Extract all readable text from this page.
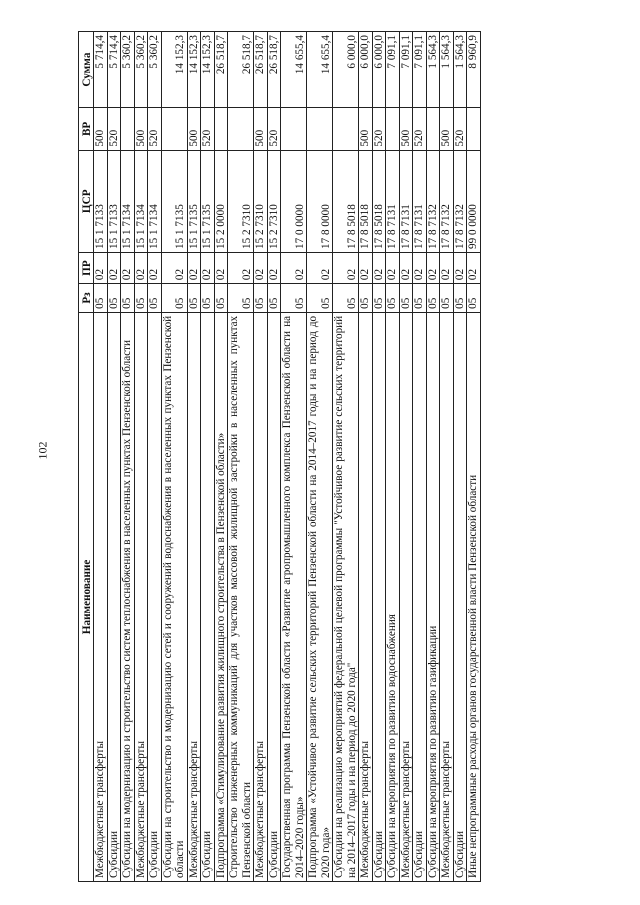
102
Наименование	Рз	ПР	ЦСР	ВР	Сумма
Межбюджетные трансферты	05	02	15 1 7133	500	5 714,4
Субсидии	05	02	15 1 7133	520	5 714,4
Субсидии на модернизацию и строительство систем теплоснабжения в населенных пунктах Пензенской области	05	02	15 1 7134		5 360,2
Межбюджетные трансферты	05	02	15 1 7134	500	5 360,2
Субсидии	05	02	15 1 7134	520	5 360,2
Субсидии на строительство и модернизацию сетей и сооружений водоснабжения в населенных пунктах Пензенской области	05	02	15 1 7135		14 152,3
Межбюджетные трансферты	05	02	15 1 7135	500	14 152,3
Субсидии	05	02	15 1 7135	520	14 152,3
Подпрограмма «Стимулирование развития жилищного строительства в Пензенской области»	05	02	15 2 0000		26 518,7
Строительство инженерных коммуникаций для участков массовой жилищной застройки в населенных пунктах Пензенской области	05	02	15 2 7310		26 518,7
Межбюджетные трансферты	05	02	15 2 7310	500	26 518,7
Субсидии	05	02	15 2 7310	520	26 518,7
Государственная программа Пензенской области «Развитие агропромышленного комплекса Пензенской области на 2014–2020 годы»	05	02	17 0 0000		14 655,4
Подпрограмма «Устойчивое развитие сельских территорий Пензенской области на 2014–2017 годы и на период до 2020 года»	05	02	17 8 0000		14 655,4
Субсидии на реализацию мероприятий федеральной целевой программы "Устойчивое развитие сельских территорий на 2014–2017 годы и на период до 2020 года"	05	02	17 8 5018		6 000,0
Межбюджетные трансферты	05	02	17 8 5018	500	6 000,0
Субсидии	05	02	17 8 5018	520	6 000,0
Субсидии на мероприятия по развитию водоснабжения	05	02	17 8 7131		7 091,1
Межбюджетные трансферты	05	02	17 8 7131	500	7 091,1
Субсидии	05	02	17 8 7131	520	7 091,1
Субсидии на мероприятия по развитию газификации	05	02	17 8 7132		1 564,3
Межбюджетные трансферты	05	02	17 8 7132	500	1 564,3
Субсидии	05	02	17 8 7132	520	1 564,3
Иные непрограммные расходы органов государственной власти Пензенской области	05	02	99 0 0000		8 960,9
